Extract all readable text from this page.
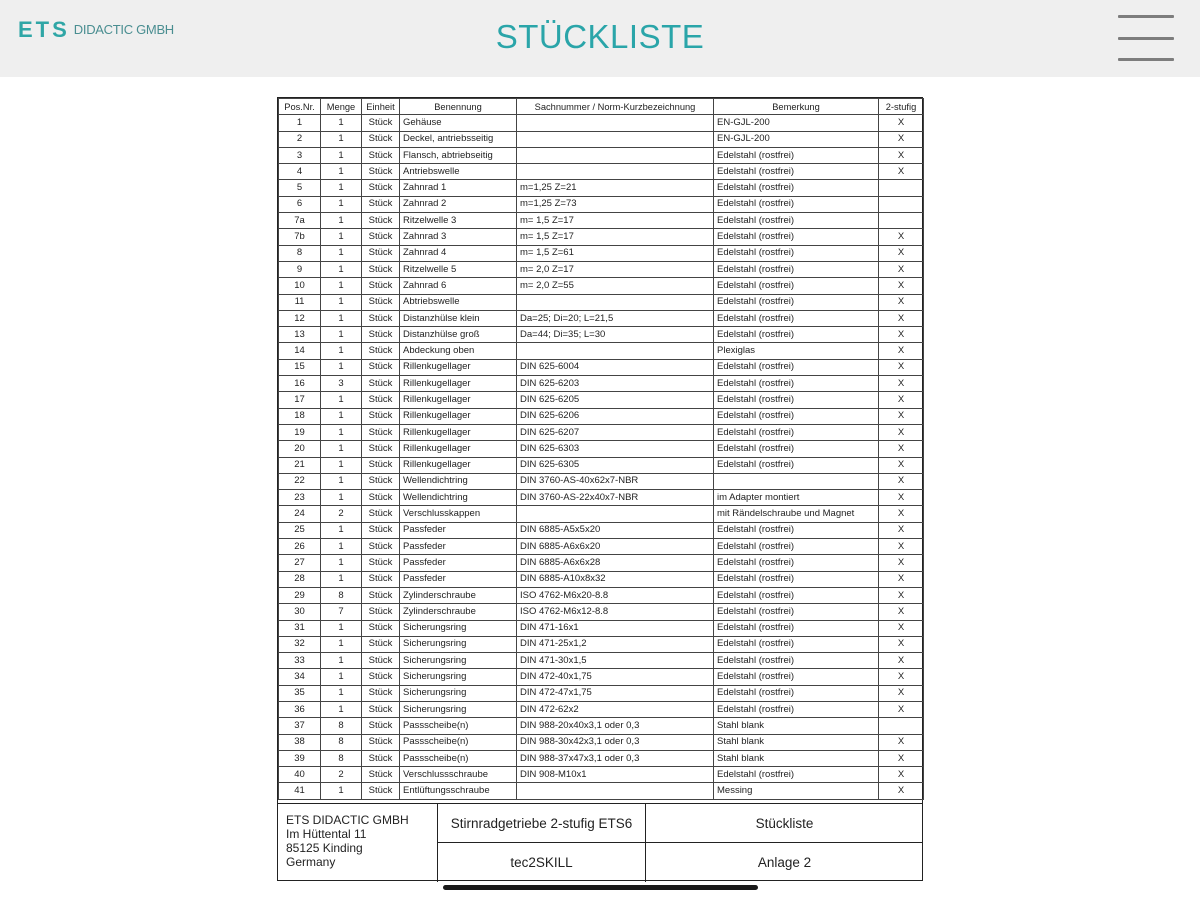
ETS DIDACTIC GMBH	STÜCKLISTE
Pos.Nr.	Menge	Einheit	Benennung	Sachnummer / Norm-Kurzbezeichnung	Bemerkung	2-stufig
1	1	Stück	Gehäuse		EN-GJL-200	X
2	1	Stück	Deckel, antriebsseitig		EN-GJL-200	X
3	1	Stück	Flansch, abtriebseitig		Edelstahl (rostfrei)	X
4	1	Stück	Antriebswelle		Edelstahl (rostfrei)	X
5	1	Stück	Zahnrad 1	m=1,25 Z=21	Edelstahl (rostfrei)	
6	1	Stück	Zahnrad 2	m=1,25 Z=73	Edelstahl (rostfrei)	
7a	1	Stück	Ritzelwelle 3	m= 1,5 Z=17	Edelstahl (rostfrei)	
7b	1	Stück	Zahnrad 3	m= 1,5 Z=17	Edelstahl (rostfrei)	X
8	1	Stück	Zahnrad 4	m= 1,5 Z=61	Edelstahl (rostfrei)	X
9	1	Stück	Ritzelwelle 5	m= 2,0 Z=17	Edelstahl (rostfrei)	X
10	1	Stück	Zahnrad 6	m= 2,0 Z=55	Edelstahl (rostfrei)	X
11	1	Stück	Abtriebswelle		Edelstahl (rostfrei)	X
12	1	Stück	Distanzhülse klein	Da=25; Di=20; L=21,5	Edelstahl (rostfrei)	X
13	1	Stück	Distanzhülse groß	Da=44; Di=35; L=30	Edelstahl (rostfrei)	X
14	1	Stück	Abdeckung oben		Plexiglas	X
15	1	Stück	Rillenkugellager	DIN 625-6004	Edelstahl (rostfrei)	X
16	3	Stück	Rillenkugellager	DIN 625-6203	Edelstahl (rostfrei)	X
17	1	Stück	Rillenkugellager	DIN 625-6205	Edelstahl (rostfrei)	X
18	1	Stück	Rillenkugellager	DIN 625-6206	Edelstahl (rostfrei)	X
19	1	Stück	Rillenkugellager	DIN 625-6207	Edelstahl (rostfrei)	X
20	1	Stück	Rillenkugellager	DIN 625-6303	Edelstahl (rostfrei)	X
21	1	Stück	Rillenkugellager	DIN 625-6305	Edelstahl (rostfrei)	X
22	1	Stück	Wellendichtring	DIN 3760-AS-40x62x7-NBR		X
23	1	Stück	Wellendichtring	DIN 3760-AS-22x40x7-NBR	im Adapter montiert	X
24	2	Stück	Verschlusskappen		mit Rändelschraube und Magnet	X
25	1	Stück	Passfeder	DIN 6885-A5x5x20	Edelstahl (rostfrei)	X
26	1	Stück	Passfeder	DIN 6885-A6x6x20	Edelstahl (rostfrei)	X
27	1	Stück	Passfeder	DIN 6885-A6x6x28	Edelstahl (rostfrei)	X
28	1	Stück	Passfeder	DIN 6885-A10x8x32	Edelstahl (rostfrei)	X
29	8	Stück	Zylinderschraube	ISO 4762-M6x20-8.8	Edelstahl (rostfrei)	X
30	7	Stück	Zylinderschraube	ISO 4762-M6x12-8.8	Edelstahl (rostfrei)	X
31	1	Stück	Sicherungsring	DIN 471-16x1	Edelstahl (rostfrei)	X
32	1	Stück	Sicherungsring	DIN 471-25x1,2	Edelstahl (rostfrei)	X
33	1	Stück	Sicherungsring	DIN 471-30x1,5	Edelstahl (rostfrei)	X
34	1	Stück	Sicherungsring	DIN 472-40x1,75	Edelstahl (rostfrei)	X
35	1	Stück	Sicherungsring	DIN 472-47x1,75	Edelstahl (rostfrei)	X
36	1	Stück	Sicherungsring	DIN 472-62x2	Edelstahl (rostfrei)	X
37	8	Stück	Passscheibe(n)	DIN 988-20x40x3,1 oder 0,3	Stahl blank	
38	8	Stück	Passscheibe(n)	DIN 988-30x42x3,1 oder 0,3	Stahl blank	X
39	8	Stück	Passscheibe(n)	DIN 988-37x47x3,1 oder 0,3	Stahl blank	X
40	2	Stück	Verschlussschraube	DIN 908-M10x1	Edelstahl (rostfrei)	X
41	1	Stück	Entlüftungsschraube		Messing	X
ETS DIDACTIC GMBH
Im Hüttental 11
85125 Kinding
Germany
Stirnradgetriebe 2-stufig ETS6	Stückliste
tec2SKILL	Anlage 2
